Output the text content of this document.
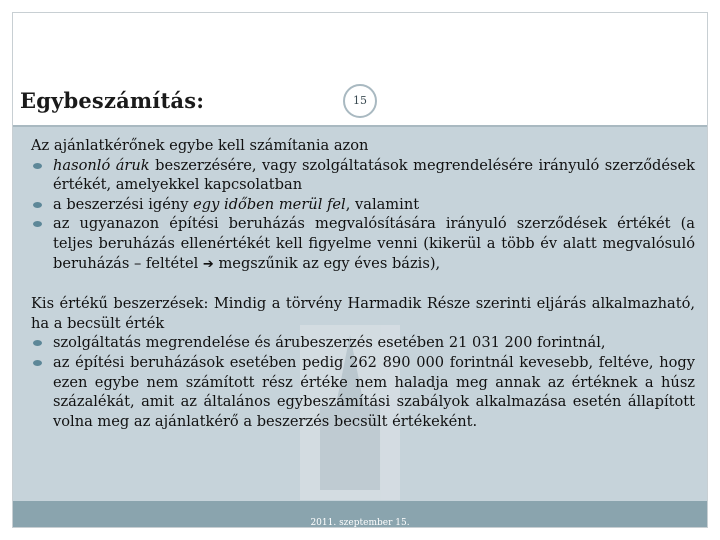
Egybeszámítás:	15

Az ajánlatkérőnek egybe kell számítania azon

hasonló áruk beszerzésére, vagy szolgáltatások megrendelésére irányuló szerződések értékét, amelyekkel kapcsolatban
a beszerzési igény egy időben merül fel, valamint
az ugyanazon építési beruházás megvalósítására irányuló szerződések értékét (a teljes beruházás ellenértékét kell figyelme venni (kikerül a több év alatt megvalósuló beruházás – feltétel ➔ megszűnik az egy éves bázis),

Kis értékű beszerzések: Mindig a törvény Harmadik Része szerinti eljárás alkalmazható, ha a becsült érték

szolgáltatás megrendelése és árubeszerzés esetében 21 031 200 forintnál,
az építési beruházások esetében pedig 262 890 000 forintnál kevesebb, feltéve, hogy ezen egybe nem számított rész értéke nem haladja meg annak az értéknek a húsz százalékát, amit az általános egybeszámítási szabályok alkalmazása esetén állapított volna meg az ajánlatkérő a beszerzés becsült értékeként.
2011. szeptember 15.
